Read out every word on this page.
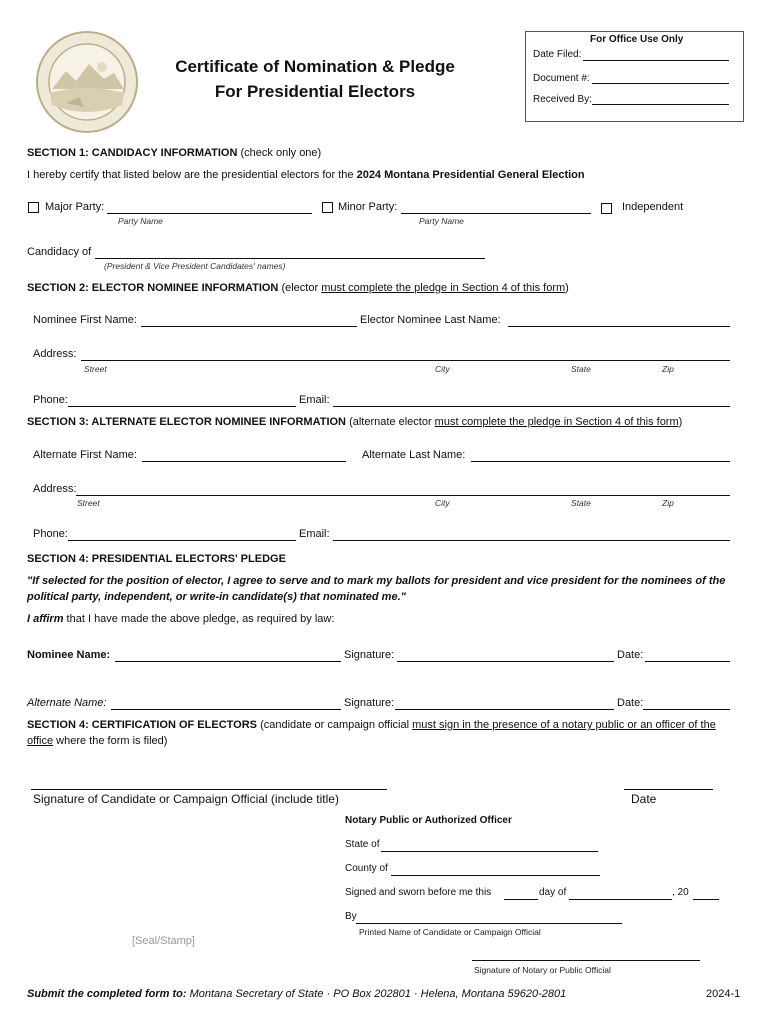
Certificate of Nomination & Pledge
For Presidential Electors
For Office Use Only
Date Filed:
Document #:
Received By:
SECTION 1: CANDIDACY INFORMATION (check only one)
I hereby certify that listed below are the presidential electors for the 2024 Montana Presidential General Election
Major Party:
Party Name
Minor Party:
Party Name
Independent
Candidacy of
(President & Vice President Candidates' names)
SECTION 2: ELECTOR NOMINEE INFORMATION (elector must complete the pledge in Section 4 of this form)
Nominee First Name:	Elector Nominee Last Name:
Address:
Street	City	State	Zip
Phone:	Email:
SECTION 3: ALTERNATE ELECTOR NOMINEE INFORMATION (alternate elector must complete the pledge in Section 4 of this form)
Alternate First Name:	Alternate Last Name:
Address:
Street	City	State	Zip
Phone:	Email:
SECTION 4: PRESIDENTIAL ELECTORS' PLEDGE
"If selected for the position of elector, I agree to serve and to mark my ballots for president and vice president for the nominees of the
political party, independent, or write-in candidate(s) that nominated me."
I affirm that I have made the above pledge, as required by law:
Nominee Name:	Signature:	Date:
Alternate Name:	Signature:	Date:
SECTION 4: CERTIFICATION OF ELECTORS (candidate or campaign official must sign in the presence of a notary public or an officer of the
office where the form is filed)
Signature of Candidate or Campaign Official (include title)	Date
Notary Public or Authorized Officer
State of
County of
Signed and sworn before me this	day of	, 20
By
Printed Name of Candidate or Campaign Official
[Seal/Stamp]
Signature of Notary or Public Official
Submit the completed form to: Montana Secretary of State · PO Box 202801 · Helena, Montana 59620-2801	2024-1
